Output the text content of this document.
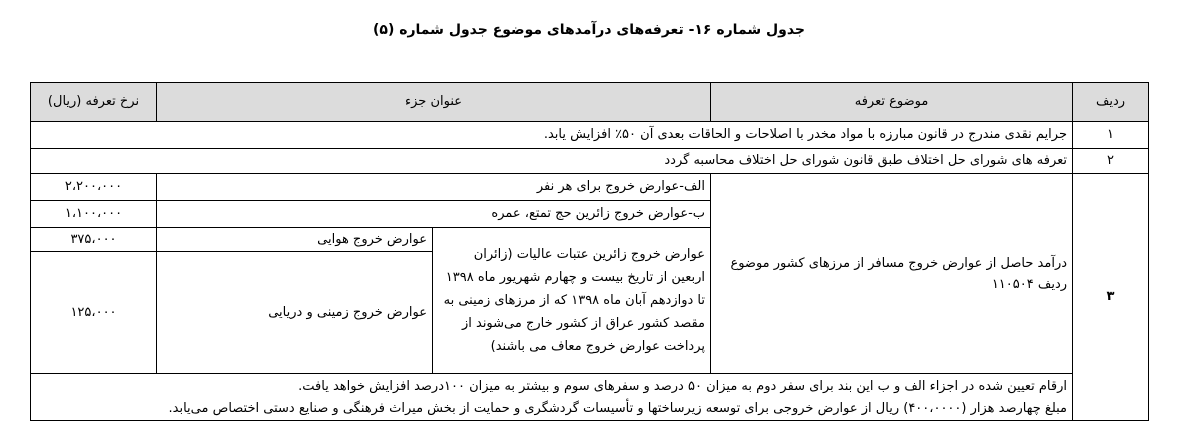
جدول شماره ۱۶- تعرفه‌های درآمدهای موضوع جدول شماره (۵)
ردیف	موضوع تعرفه	عنوان جزء		نرخ تعرفه (ریال)
۱	جرایم نقدی مندرج در قانون مبارزه با مواد مخدر با اصلاحات و الحاقات بعدی آن ۵۰٪ افزایش یابد.			
۲	تعرفه های شورای حل اختلاف طبق قانون شورای حل اختلاف محاسبه گردد			
۳	درآمد حاصل از عوارض خروج مسافر از مرزهای کشور موضوع ردیف ۱۱۰۵۰۴	الف-عوارض خروج برای هر نفر		۲،۲۰۰،۰۰۰
		ب-عوارض خروج زائرین حج تمتع، عمره		۱،۱۰۰،۰۰۰
		عوارض خروج زائرین عتبات عالیات (زائران اربعین از تاریخ بیست و چهارم شهریور ماه ۱۳۹۸ تا دوازدهم آبان ماه ۱۳۹۸ که از مرزهای زمینی به مقصد کشور عراق از کشور خارج می‌شوند از پرداخت عوارض خروج معاف می باشند)	عوارض خروج هوایی	۳۷۵،۰۰۰
			عوارض خروج زمینی و دریایی	۱۲۵،۰۰۰

	ارقام تعیین شده در اجزاء الف و ب این بند برای سفر دوم به میزان ۵۰ درصد و سفرهای سوم و بیشتر به میزان ۱۰۰درصد افزایش خواهد یافت.
مبلغ چهارصد هزار (۴۰۰،۰۰۰۰) ریال از عوارض خروجی برای توسعه زیرساختها و تأسیسات گردشگری و حمایت از بخش میراث فرهنگی و صنایع دستی اختصاص می‌یابد.			
